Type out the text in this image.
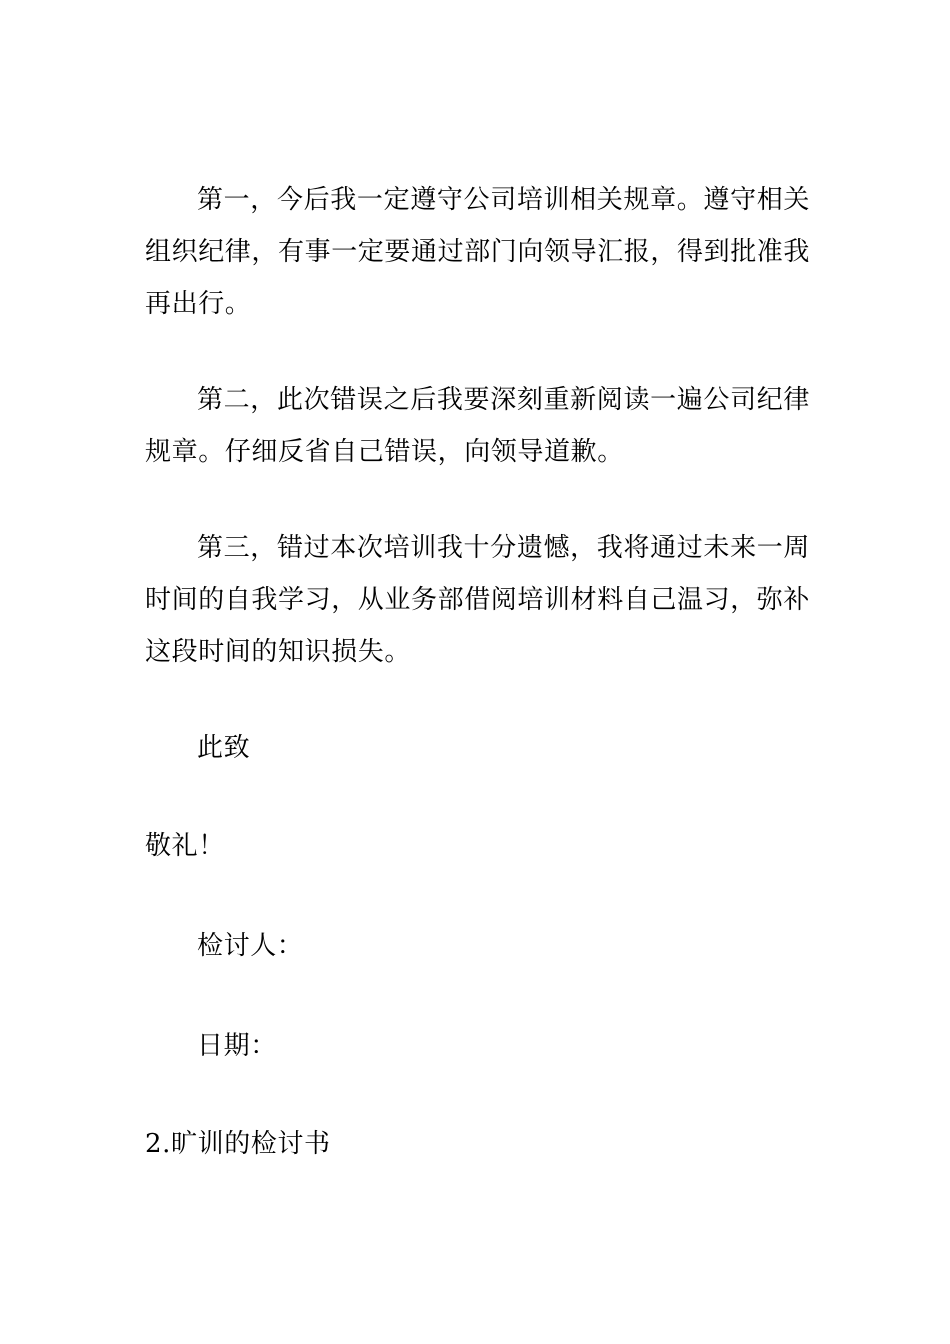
第一，今后我一定遵守公司培训相关规章。遵守相关组织纪律，有事一定要通过部门向领导汇报，得到批准我再出行。

第二，此次错误之后我要深刻重新阅读一遍公司纪律规章。仔细反省自己错误，向领导道歉。

第三，错过本次培训我十分遗憾，我将通过未来一周时间的自我学习，从业务部借阅培训材料自己温习，弥补这段时间的知识损失。

此致

敬礼！

检讨人：

日期：

2.旷训的检讨书
